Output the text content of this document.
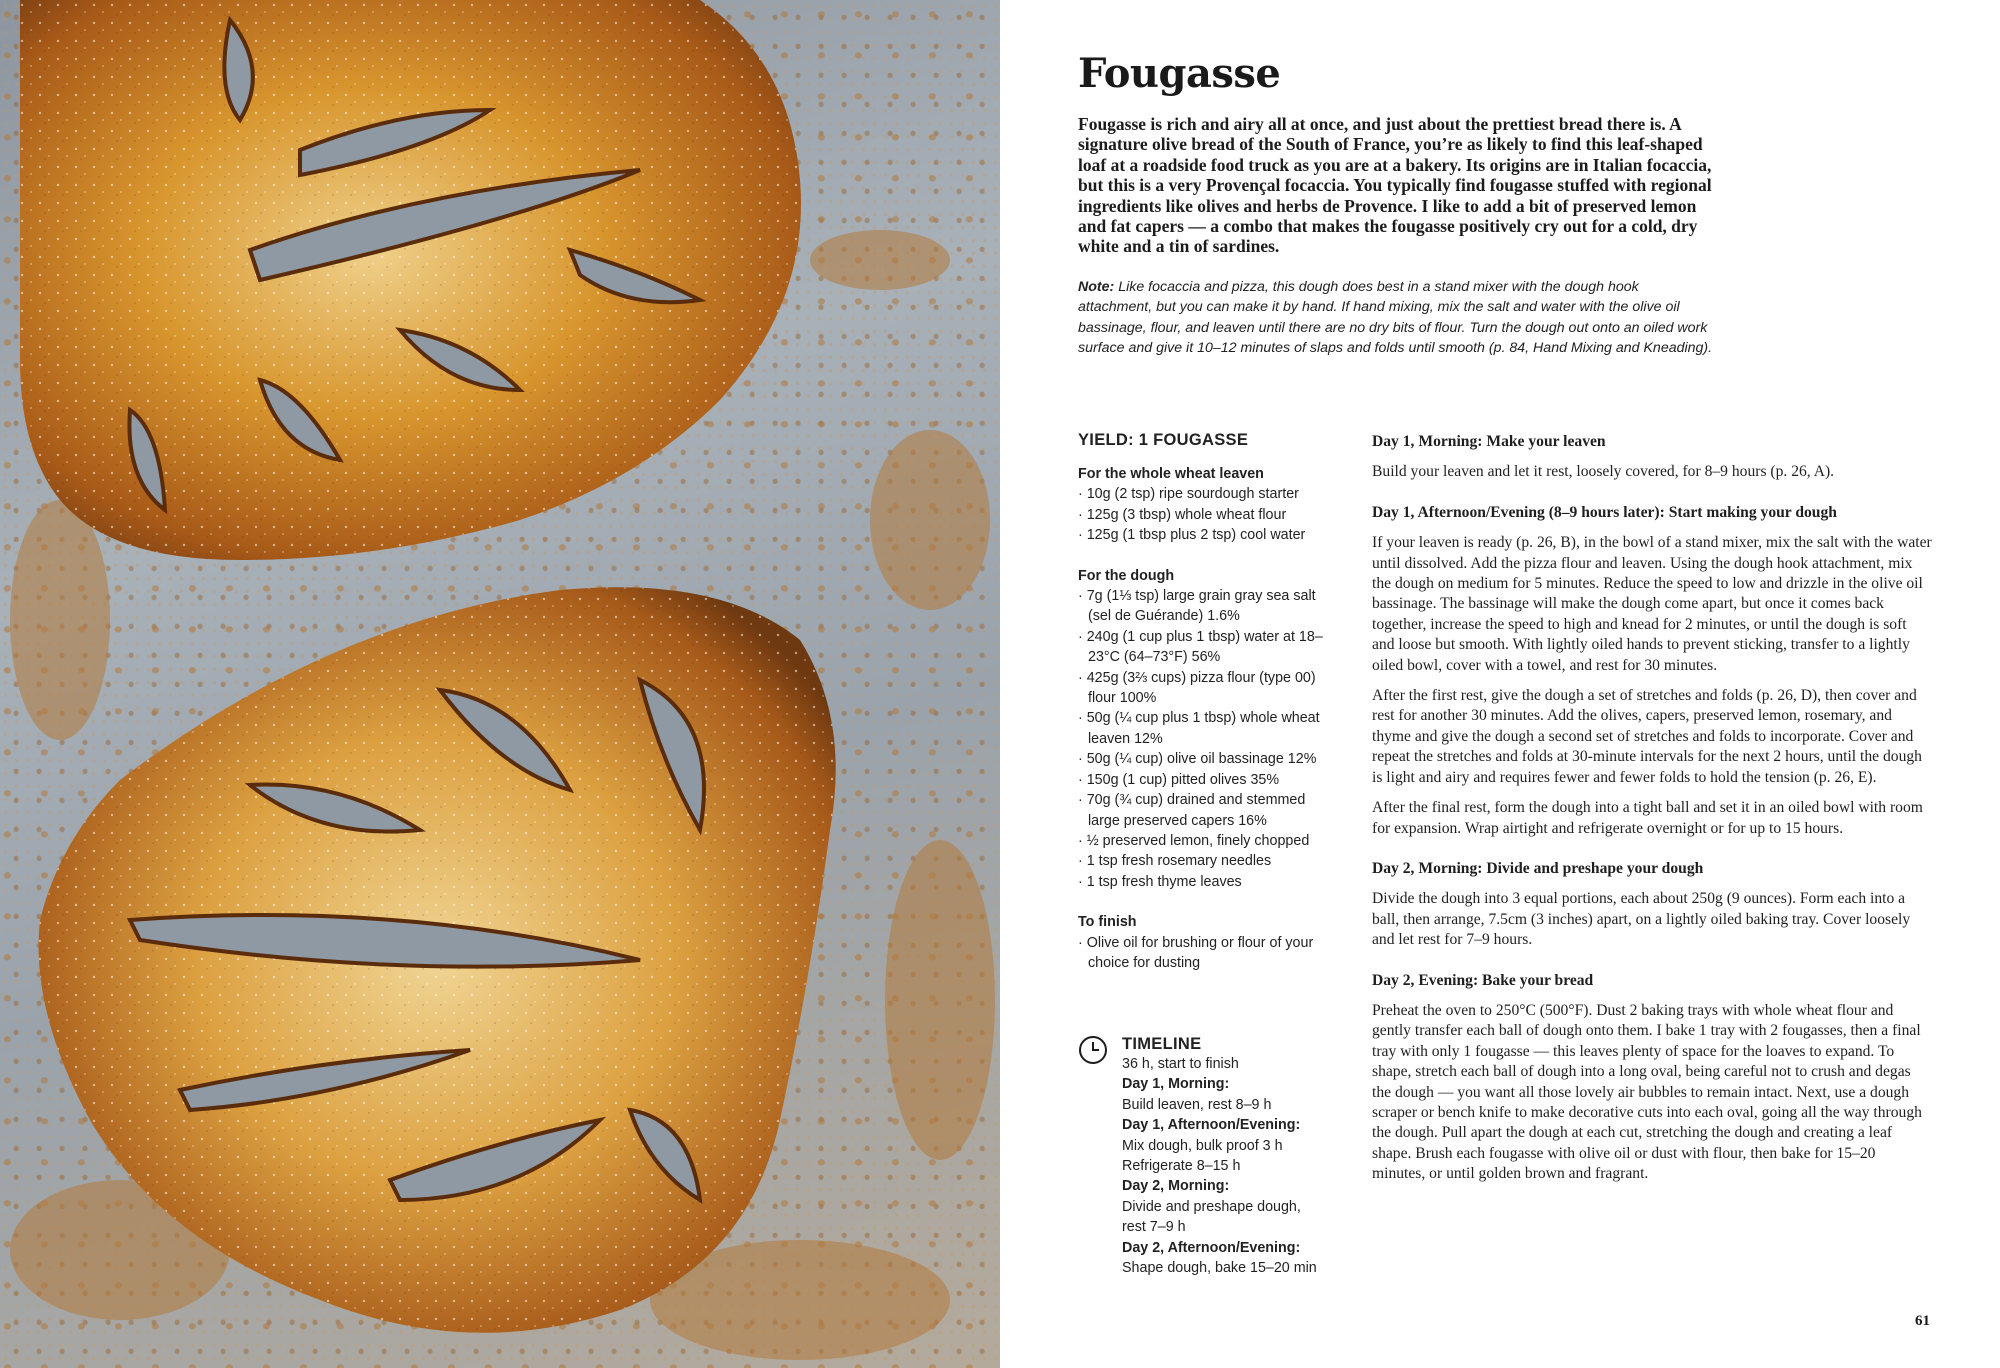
Fougasse

Fougasse is rich and airy all at once, and just about the prettiest bread there is. A signature olive bread of the South of France, you’re as likely to find this leaf-shaped loaf at a roadside food truck as you are at a bakery. Its origins are in Italian focaccia, but this is a very Provençal focaccia. You typically find fougasse stuffed with regional ingredients like olives and herbs de Provence. I like to add a bit of preserved lemon and fat capers — a combo that makes the fougasse positively cry out for a cold, dry white and a tin of sardines.

Note: Like focaccia and pizza, this dough does best in a stand mixer with the dough hook attachment, but you can make it by hand. If hand mixing, mix the salt and water with the olive oil bassinage, flour, and leaven until there are no dry bits of flour. Turn the dough out onto an oiled work surface and give it 10–12 minutes of slaps and folds until smooth (p. 84, Hand Mixing and Kneading).

YIELD: 1 FOUGASSE

For the whole wheat leaven

· 10g (2 tsp) ripe sourdough starter
· 125g (3 tbsp) whole wheat flour
· 125g (1 tbsp plus 2 tsp) cool water

For the dough

· 7g (1⅓ tsp) large grain gray sea salt (sel de Guérande) 1.6%
· 240g (1 cup plus 1 tbsp) water at 18–23°C (64–73°F) 56%
· 425g (3⅔ cups) pizza flour (type 00) flour 100%
· 50g (¼ cup plus 1 tbsp) whole wheat leaven 12%
· 50g (¼ cup) olive oil bassinage 12%
· 150g (1 cup) pitted olives 35%
· 70g (¾ cup) drained and stemmed large preserved capers 16%
· ½ preserved lemon, finely chopped
· 1 tsp fresh rosemary needles
· 1 tsp fresh thyme leaves

To finish

· Olive oil for brushing or flour of your choice for dusting

TIMELINE

36 h, start to finish
Day 1, Morning:
Build leaven, rest 8–9 h
Day 1, Afternoon/Evening:
Mix dough, bulk proof 3 h
Refrigerate 8–15 h
Day 2, Morning:
Divide and preshape dough, rest 7–9 h
Day 2, Afternoon/Evening:
Shape dough, bake 15–20 min

Day 1, Morning: Make your leaven

Build your leaven and let it rest, loosely covered, for 8–9 hours (p. 26, A).

Day 1, Afternoon/Evening (8–9 hours later): Start making your dough

If your leaven is ready (p. 26, B), in the bowl of a stand mixer, mix the salt with the water until dissolved. Add the pizza flour and leaven. Using the dough hook attachment, mix the dough on medium for 5 minutes. Reduce the speed to low and drizzle in the olive oil bassinage. The bassinage will make the dough come apart, but once it comes back together, increase the speed to high and knead for 2 minutes, or until the dough is soft and loose but smooth. With lightly oiled hands to prevent sticking, transfer to a lightly oiled bowl, cover with a towel, and rest for 30 minutes.

After the first rest, give the dough a set of stretches and folds (p. 26, D), then cover and rest for another 30 minutes. Add the olives, capers, preserved lemon, rosemary, and thyme and give the dough a second set of stretches and folds to incorporate. Cover and repeat the stretches and folds at 30-minute intervals for the next 2 hours, until the dough is light and airy and requires fewer and fewer folds to hold the tension (p. 26, E).

After the final rest, form the dough into a tight ball and set it in an oiled bowl with room for expansion. Wrap airtight and refrigerate overnight or for up to 15 hours.

Day 2, Morning: Divide and preshape your dough

Divide the dough into 3 equal portions, each about 250g (9 ounces). Form each into a ball, then arrange, 7.5cm (3 inches) apart, on a lightly oiled baking tray. Cover loosely and let rest for 7–9 hours.

Day 2, Evening: Bake your bread

Preheat the oven to 250°C (500°F). Dust 2 baking trays with whole wheat flour and gently transfer each ball of dough onto them. I bake 1 tray with 2 fougasses, then a final tray with only 1 fougasse — this leaves plenty of space for the loaves to expand. To shape, stretch each ball of dough into a long oval, being careful not to crush and degas the dough — you want all those lovely air bubbles to remain intact. Next, use a dough scraper or bench knife to make decorative cuts into each oval, going all the way through the dough. Pull apart the dough at each cut, stretching the dough and creating a leaf shape. Brush each fougasse with olive oil or dust with flour, then bake for 15–20 minutes, or until golden brown and fragrant.

61
